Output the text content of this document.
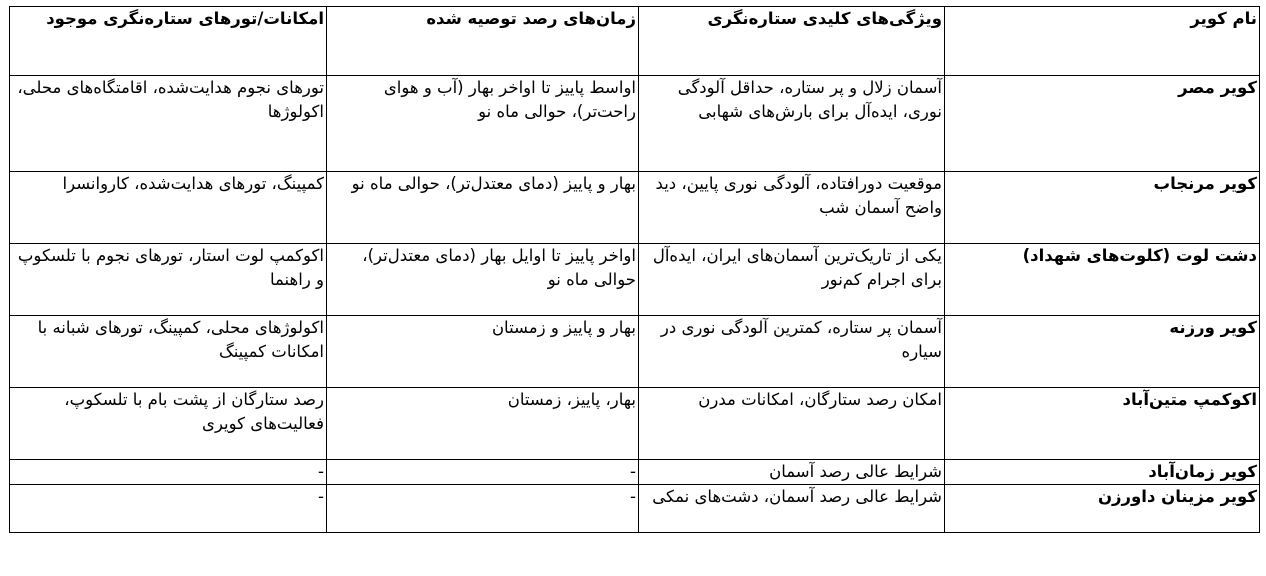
نام کویر	ویژگی‌های کلیدی ستاره‌نگری	زمان‌های رصد توصیه شده	امکانات/تورهای ستاره‌نگری موجود
کویر مصر	آسمان زلال و پر ستاره، حداقل آلودگی نوری، ایده‌آل برای بارش‌های شهابی	اواسط پاییز تا اواخر بهار (آب و هوای راحت‌تر)، حوالی ماه نو	تورهای نجوم هدایت‌شده، اقامتگاه‌های محلی، اکولوژها
کویر مرنجاب	موقعیت دورافتاده، آلودگی نوری پایین، دید واضح آسمان شب	بهار و پاییز (دمای معتدل‌تر)، حوالی ماه نو	کمپینگ، تورهای هدایت‌شده، کاروانسرا
دشت لوت (کلوت‌های شهداد)	یکی از تاریک‌ترین آسمان‌های ایران، ایده‌آل برای اجرام کم‌نور	اواخر پاییز تا اوایل بهار (دمای معتدل‌تر)، حوالی ماه نو	اکوکمپ لوت استار، تورهای نجوم با تلسکوپ و راهنما
کویر ورزنه	آسمان پر ستاره، کمترین آلودگی نوری در سیاره	بهار و پاییز و زمستان	اکولوژهای محلی، کمپینگ، تورهای شبانه با امکانات کمپینگ
اکوکمپ متین‌آباد	امکان رصد ستارگان، امکانات مدرن	بهار، پاییز، زمستان	رصد ستارگان از پشت بام با تلسکوپ، فعالیت‌های کویری
کویر زمان‌آباد	شرایط عالی رصد آسمان	-	-
کویر مزینان داورزن	شرایط عالی رصد آسمان، دشت‌های نمکی	-	-
